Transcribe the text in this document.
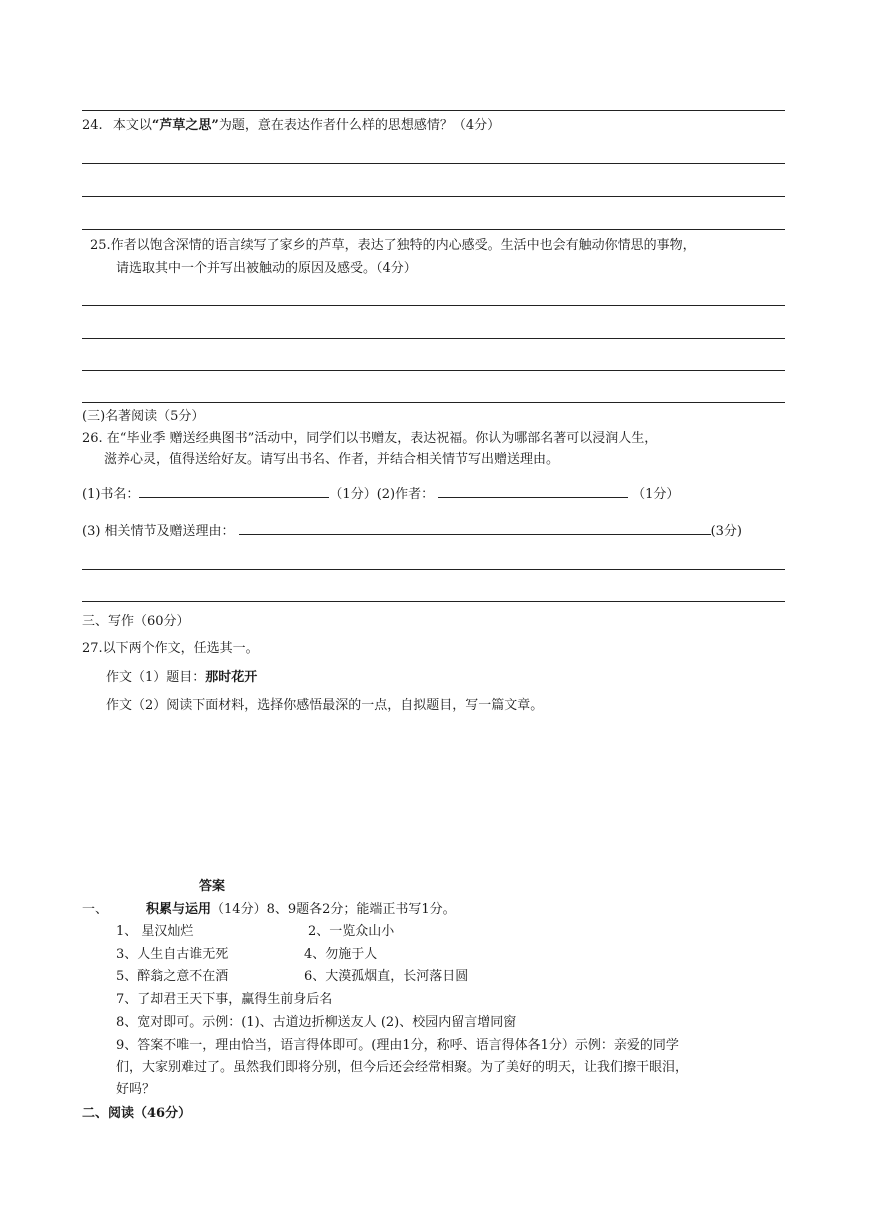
24. 本文以“芦草之思”为题，意在表达作者什么样的思想感情？（4分）
25.作者以饱含深情的语言续写了家乡的芦草，表达了独特的内心感受。生活中也会有触动你情思的事物，
请选取其中一个并写出被触动的原因及感受。（4分）
(三)名著阅读（5分）
26. 在“毕业季 赠送经典图书”活动中，同学们以书赠友，表达祝福。你认为哪部名著可以浸润人生，
滋养心灵，值得送给好友。请写出书名、作者，并结合相关情节写出赠送理由。
(1)书名：	（1分）(2)作者：	（1分）
(3) 相关情节及赠送理由：	(3分)
三、写作（60分）
27.以下两个作文，任选其一。
作文（1）题目：那时花开
作文（2）阅读下面材料，选择你感悟最深的一点，自拟题目，写一篇文章。
答案
一、	积累与运用（14分）8、9题各2分；能端正书写1分。
1、 星汉灿烂	2、一览众山小
3、人生自古谁无死	4、勿施于人
5、醉翁之意不在酒	6、大漠孤烟直，长河落日圆
7、了却君王天下事，赢得生前身后名
8、宽对即可。示例：(1)、古道边折柳送友人 (2)、校园内留言增同窗
9、答案不唯一，理由恰当，语言得体即可。(理由1分，称呼、语言得体各1分）示例：亲爱的同学
们，大家别难过了。虽然我们即将分别，但今后还会经常相聚。为了美好的明天，让我们擦干眼泪，
好吗？
二、阅读（46分）
